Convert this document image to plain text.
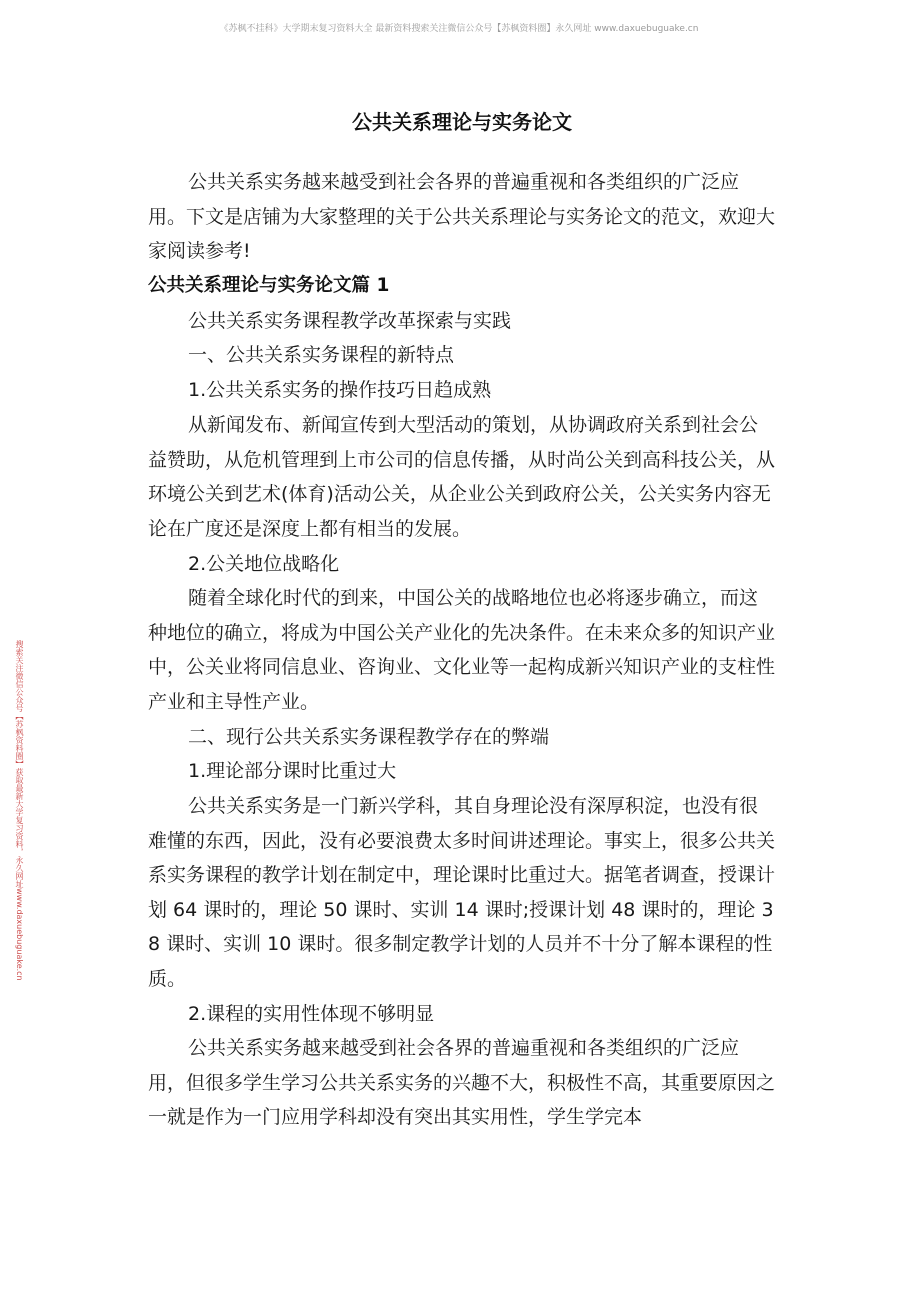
《苏枫不挂科》大学期末复习资料大全 最新资料搜索关注微信公众号【苏枫资料圈】永久网址 www.daxuebuguake.cn
搜索关注微信公众号【苏枫资料圈】获取最新大学复习资料，永久网址www.daxuebuguake.cn
公共关系理论与实务论文

公共关系实务越来越受到社会各界的普遍重视和各类组织的广泛应用。下文是店铺为大家整理的关于公共关系理论与实务论文的范文，欢迎大家阅读参考!

公共关系理论与实务论文篇 1

公共关系实务课程教学改革探索与实践

一、公共关系实务课程的新特点

1.公共关系实务的操作技巧日趋成熟

从新闻发布、新闻宣传到大型活动的策划，从协调政府关系到社会公益赞助，从危机管理到上市公司的信息传播，从时尚公关到高科技公关，从环境公关到艺术(体育)活动公关，从企业公关到政府公关，公关实务内容无论在广度还是深度上都有相当的发展。

2.公关地位战略化

随着全球化时代的到来，中国公关的战略地位也必将逐步确立，而这种地位的确立，将成为中国公关产业化的先决条件。在未来众多的知识产业中，公关业将同信息业、咨询业、文化业等一起构成新兴知识产业的支柱性产业和主导性产业。

二、现行公共关系实务课程教学存在的弊端

1.理论部分课时比重过大

公共关系实务是一门新兴学科，其自身理论没有深厚积淀，也没有很难懂的东西，因此，没有必要浪费太多时间讲述理论。事实上，很多公共关系实务课程的教学计划在制定中，理论课时比重过大。据笔者调查，授课计划 64 课时的，理论 50 课时、实训 14 课时;授课计划 48 课时的，理论 38 课时、实训 10 课时。很多制定教学计划的人员并不十分了解本课程的性质。

2.课程的实用性体现不够明显

公共关系实务越来越受到社会各界的普遍重视和各类组织的广泛应用，但很多学生学习公共关系实务的兴趣不大，积极性不高，其重要原因之一就是作为一门应用学科却没有突出其实用性，学生学完本
